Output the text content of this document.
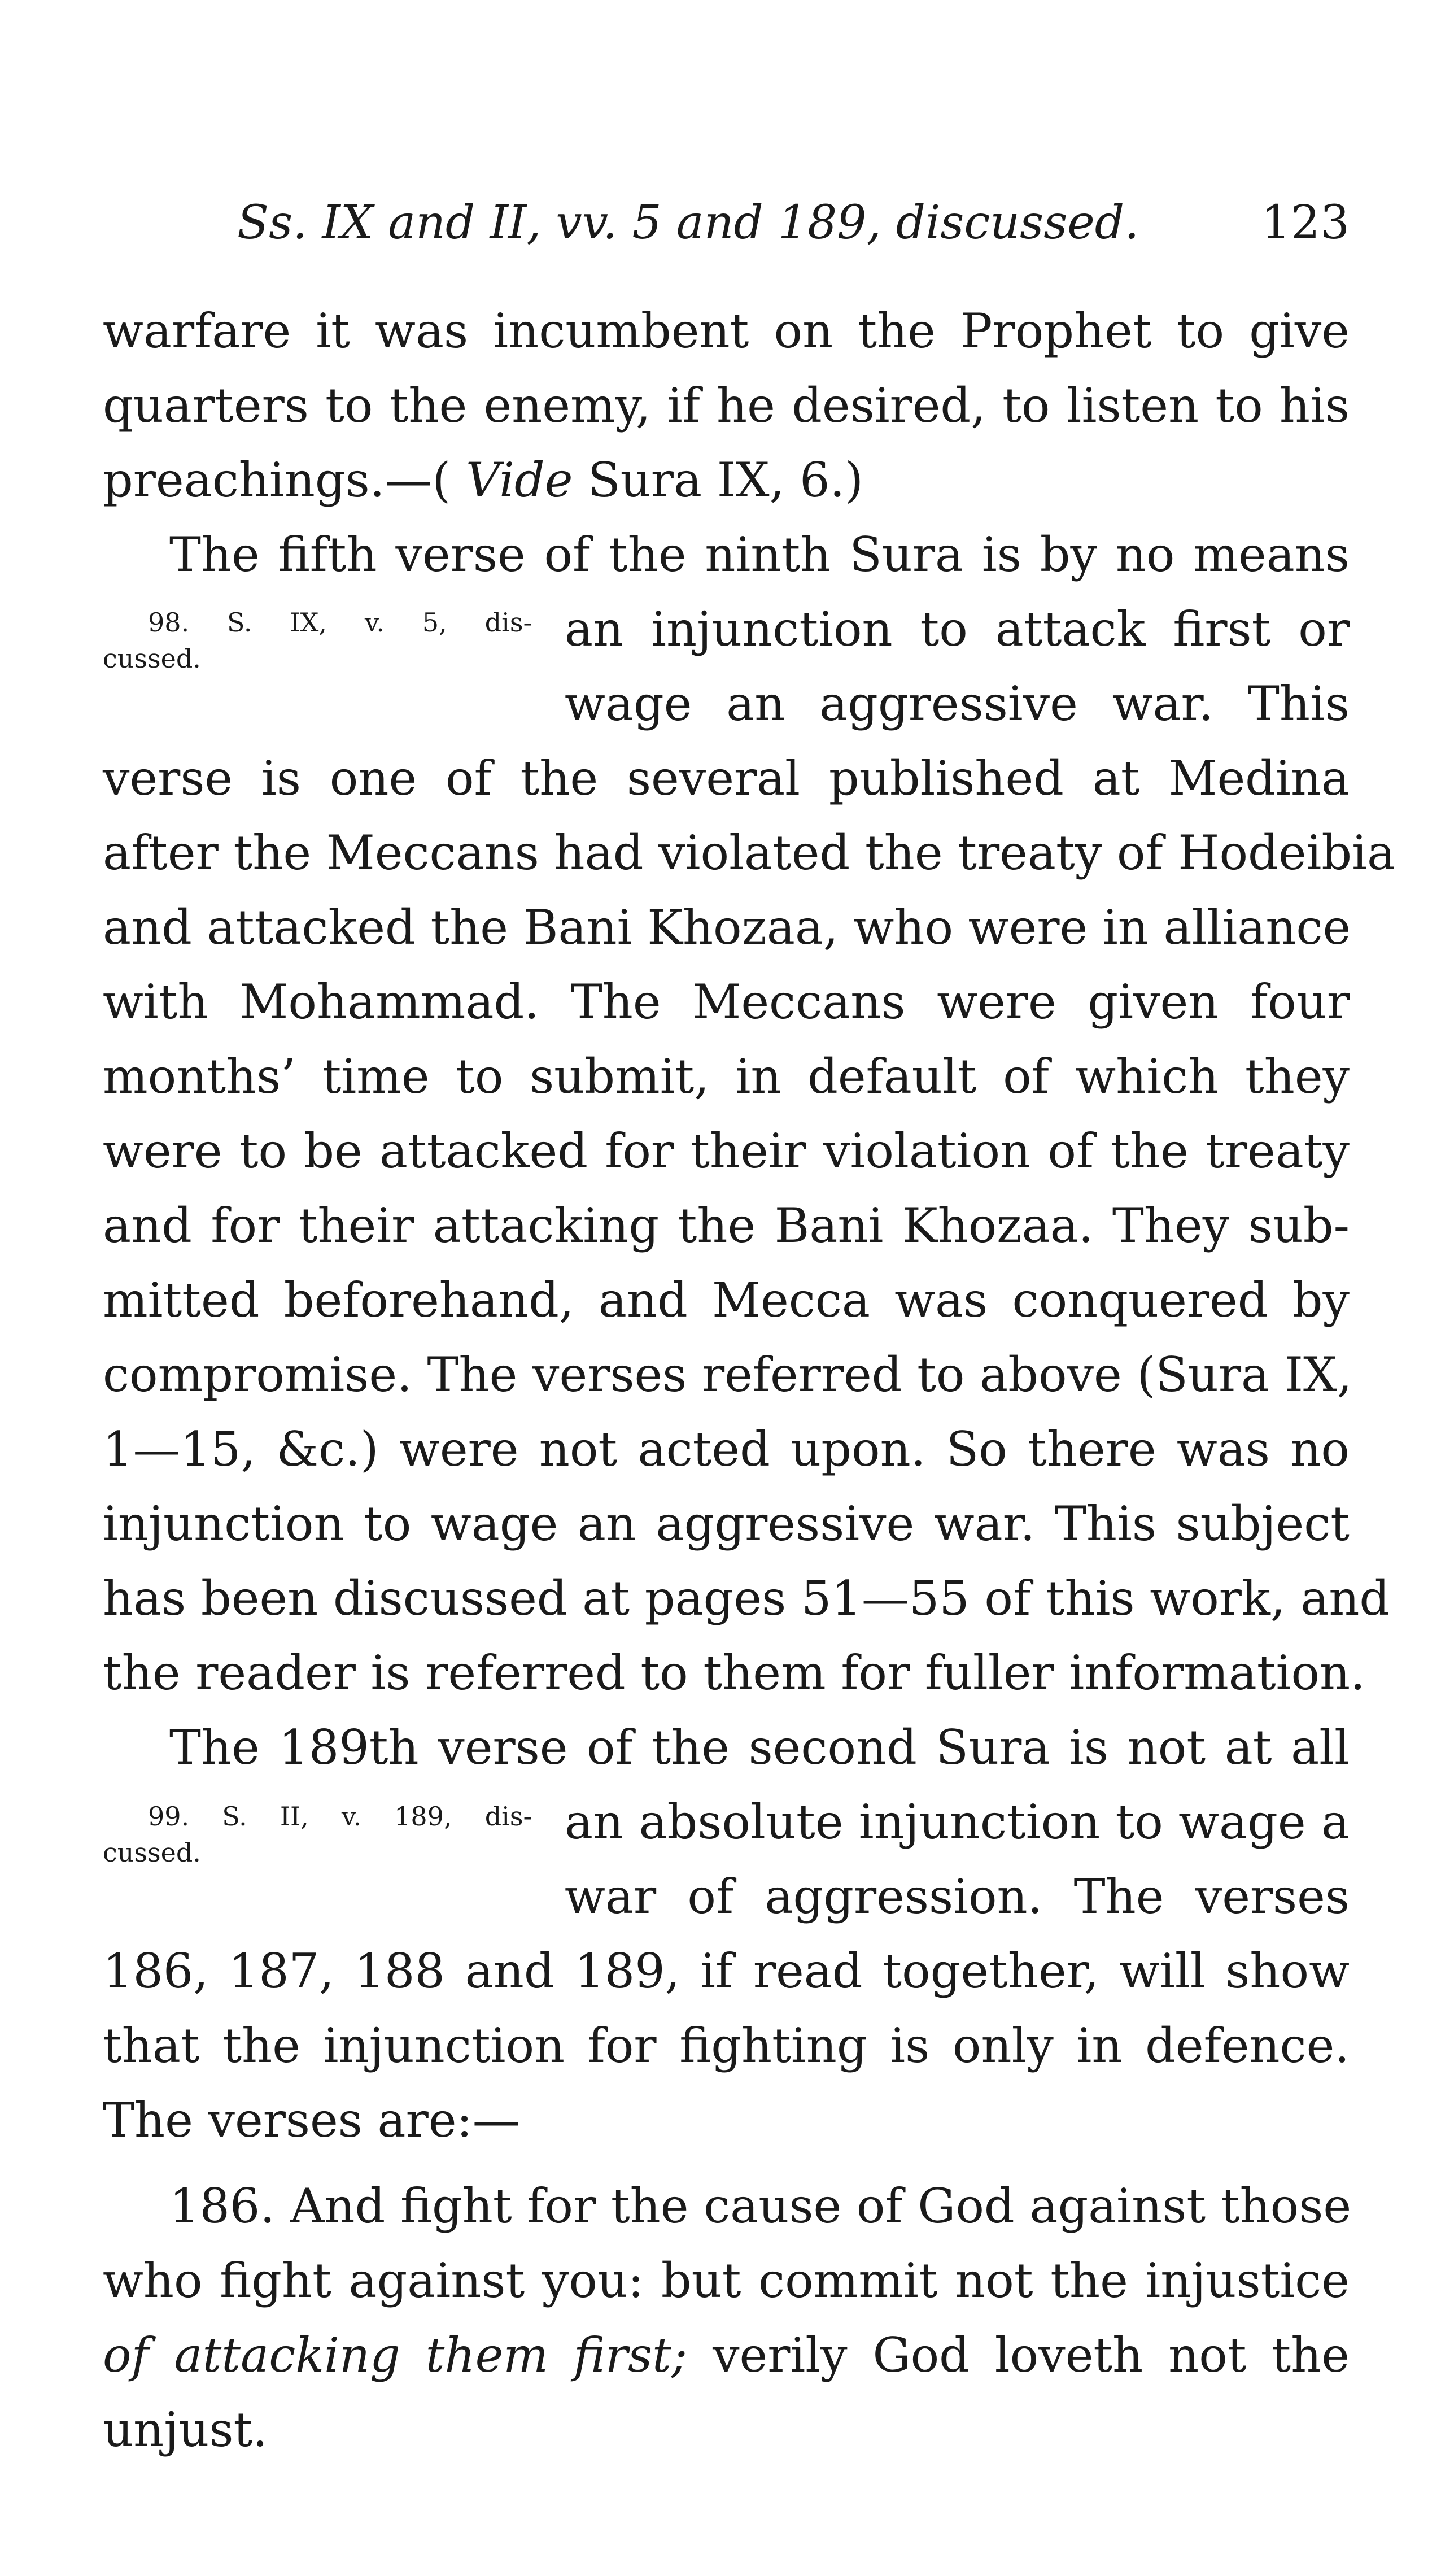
Ss. IX and II, vv. 5 and 189, discussed.	123
warfare it was incumbent on the Prophet to give
quarters to the enemy, if he desired, to listen to his
preachings.—( Vide Sura IX, 6.)
The fifth verse of the ninth Sura is by no means
98. S. IX, v. 5, dis-
cussed.
an injunction to attack first or
wage an aggressive war. This
verse is one of the several published at Medina
after the Meccans had violated the treaty of Hodeibia
and attacked the Bani Khozaa, who were in alliance
with Mohammad. The Meccans were given four
months’ time to submit, in default of which they
were to be attacked for their violation of the treaty
and for their attacking the Bani Khozaa. They sub-
mitted beforehand, and Mecca was conquered by
compromise. The verses referred to above (Sura IX,
1—15, &c.) were not acted upon. So there was no
injunction to wage an aggressive war. This subject
has been discussed at pages 51—55 of this work, and
the reader is referred to them for fuller information.
The 189th verse of the second Sura is not at all
99. S. II, v. 189, dis-
cussed.
an absolute injunction to wage a
war of aggression. The verses
186, 187, 188 and 189, if read together, will show
that the injunction for fighting is only in defence.
The verses are:—
186. And fight for the cause of God against those
who fight against you: but commit not the injustice
of attacking them first; verily God loveth not the
unjust.
